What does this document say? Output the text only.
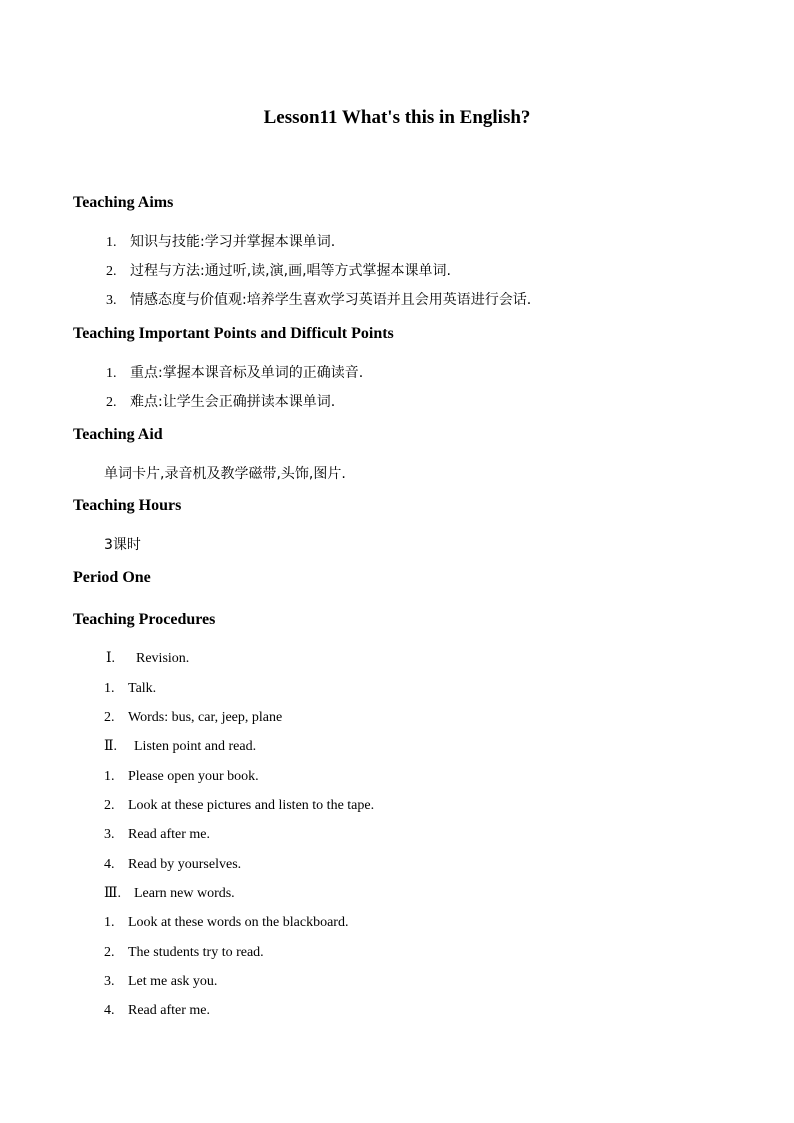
Lesson11 What's this in English?
Teaching Aims
1. 知识与技能:学习并掌握本课单词.
2. 过程与方法:通过听,读,演,画,唱等方式掌握本课单词.
3. 情感态度与价值观:培养学生喜欢学习英语并且会用英语进行会话.
Teaching Important Points and Difficult Points
1. 重点:掌握本课音标及单词的正确读音.
2. 难点:让学生会正确拼读本课单词.
Teaching Aid
单词卡片,录音机及教学磁带,头饰,图片.
Teaching Hours
3课时
Period One
Teaching Procedures
Ⅰ. Revision.
1. Talk.
2. Words: bus, car, jeep, plane
Ⅱ. Listen point and read.
1. Please open your book.
2. Look at these pictures and listen to the tape.
3. Read after me.
4. Read by yourselves.
Ⅲ. Learn new words.
1. Look at these words on the blackboard.
2. The students try to read.
3. Let me ask you.
4. Read after me.
